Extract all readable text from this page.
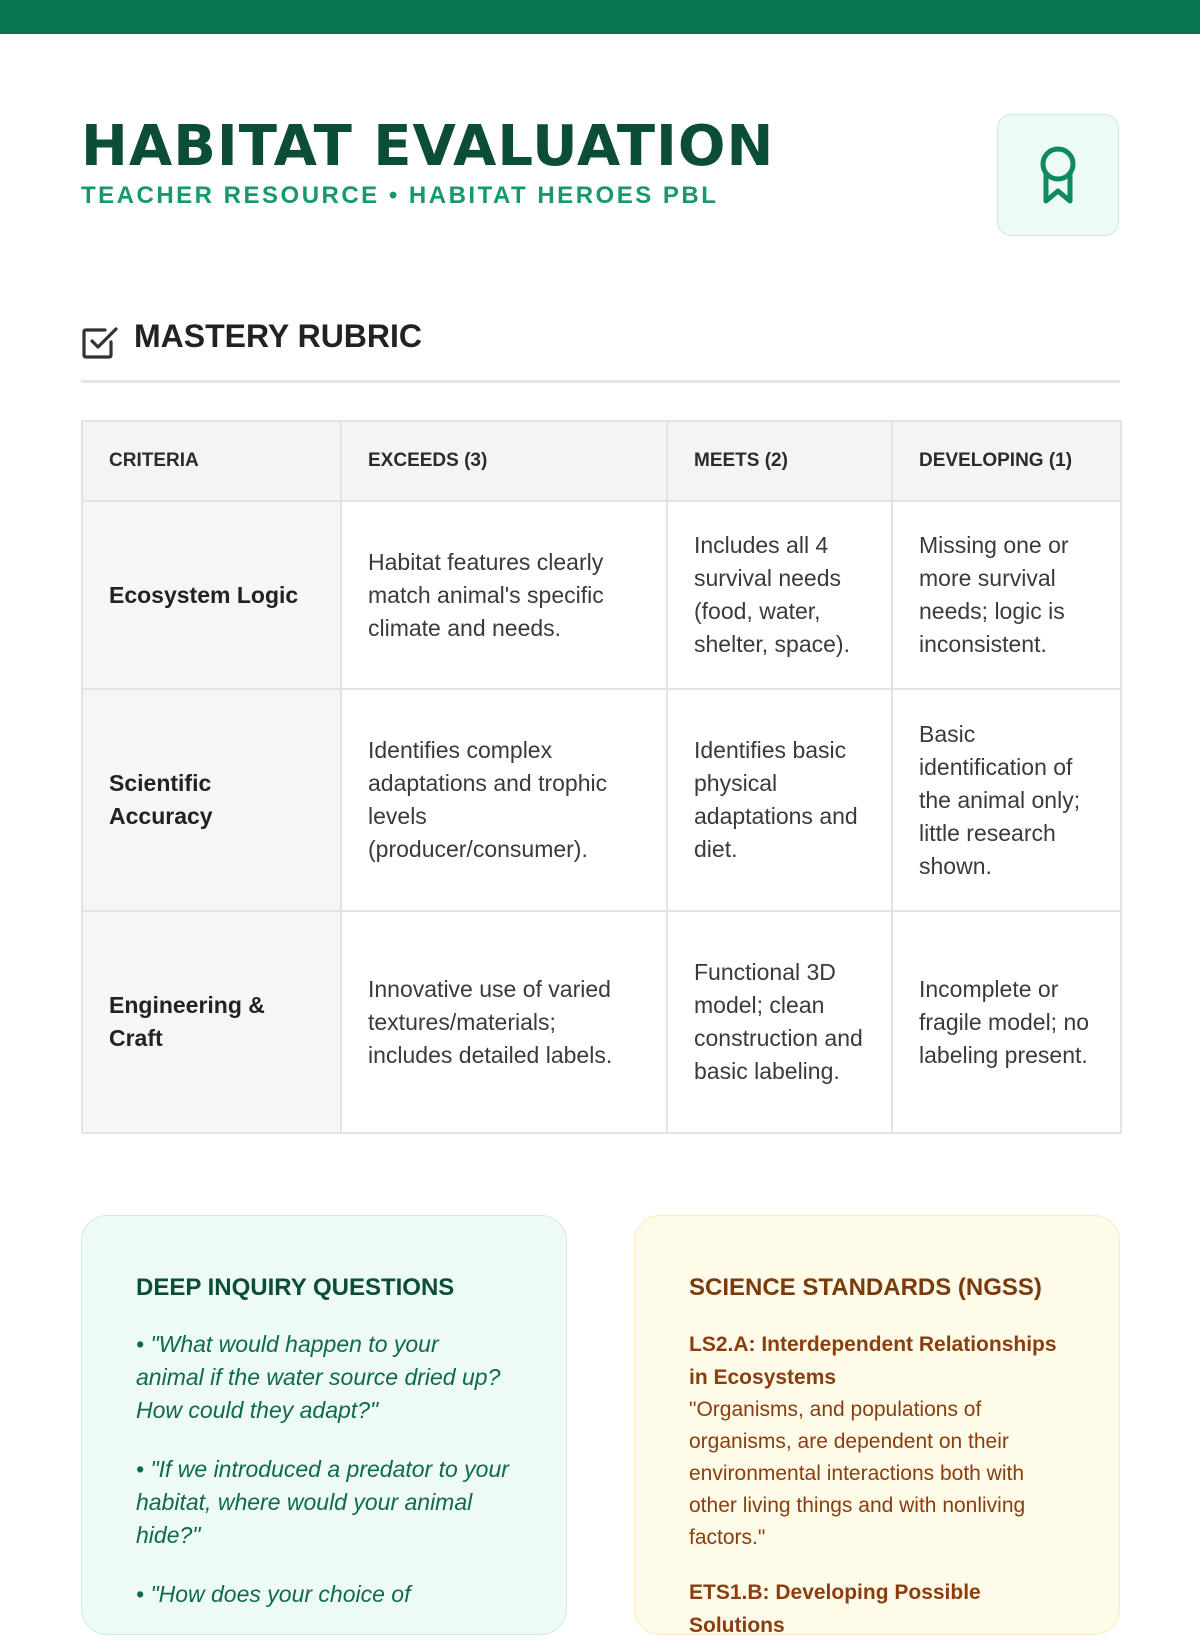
HABITAT EVALUATION
TEACHER RESOURCE • HABITAT HEROES PBL
MASTERY RUBRIC
CRITERIA	EXCEEDS (3)	MEETS (2)	DEVELOPING (1)
Ecosystem Logic	Habitat features clearly match animal's specific climate and needs.	Includes all 4 survival needs (food, water, shelter, space).	Missing one or more survival needs; logic is inconsistent.
Scientific Accuracy	Identifies complex adaptations and trophic levels (producer/consumer).	Identifies basic physical adaptations and diet.	Basic identification of the animal only; little research shown.
Engineering & Craft	Innovative use of varied textures/materials; includes detailed labels.	Functional 3D model; clean construction and basic labeling.	Incomplete or fragile model; no labeling present.
DEEP INQUIRY QUESTIONS

• "What would happen to your animal if the water source dried up? How could they adapt?"

• "If we introduced a predator to your habitat, where would your animal hide?"

• "How does your choice of

SCIENCE STANDARDS (NGSS)

LS2.A: Interdependent Relationships in Ecosystems

"Organisms, and populations of organisms, are dependent on their environmental interactions both with other living things and with nonliving factors."

ETS1.B: Developing Possible Solutions
